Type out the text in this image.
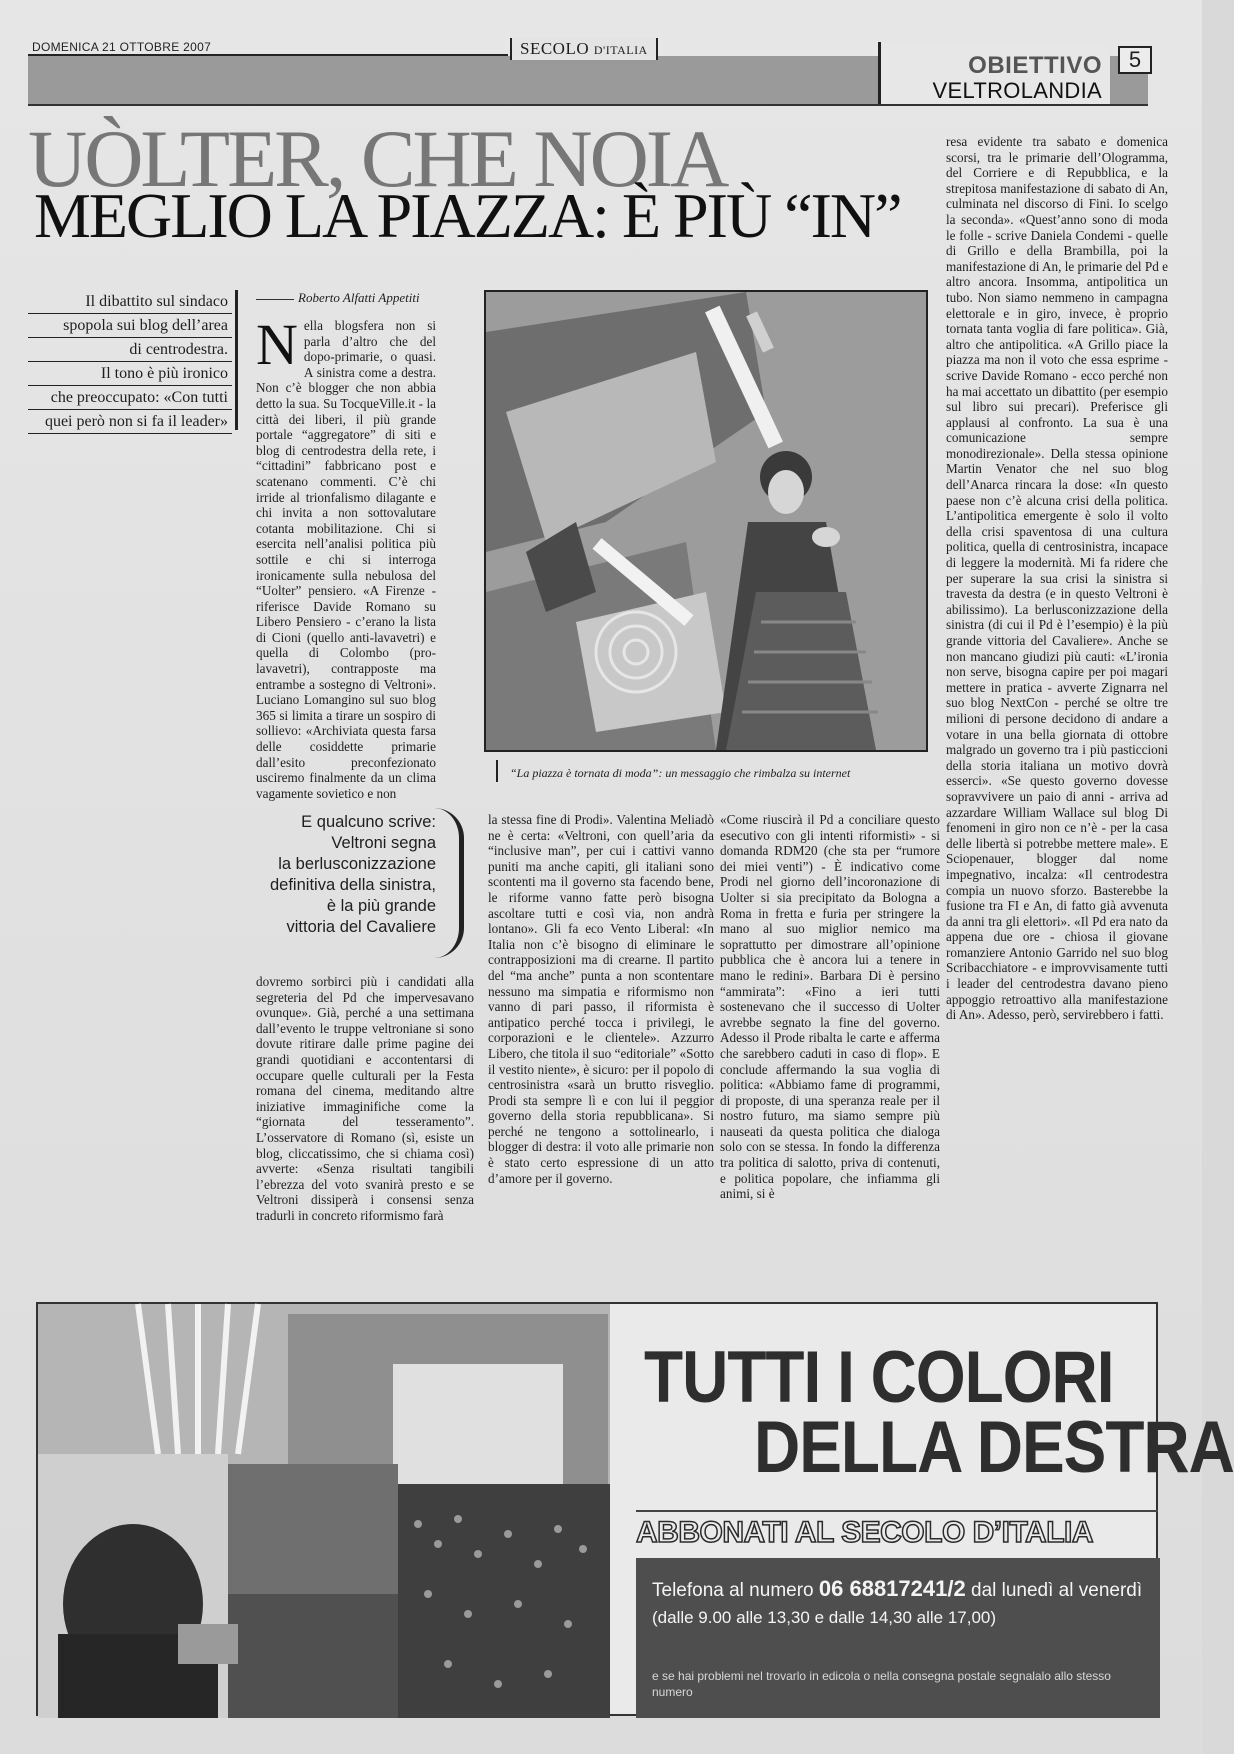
DOMENICA 21 OTTOBRE 2007	SECOLO D'ITALIA
OBIETTIVO
VELTROLANDIA
5
UÒLTER, CHE NOIA
MEGLIO LA PIAZZA: È PIÙ “IN”
Il dibattito sul sindaco
spopola sui blog dell’area
di centrodestra.
Il tono è più ironico
che preoccupato: «Con tutti
quei però non si fa il leader»
Roberto Alfatti Appetiti
N ella blogsfera non si parla d’altro che del dopo-primarie, o quasi. A sinistra come a destra. Non c’è blogger che non abbia detto la sua. Su TocqueVille.it - la città dei liberi, il più grande portale “aggregatore” di siti e blog di centrodestra della rete, i “cittadini” fabbricano post e scatenano commenti. C’è chi irride al trionfalismo dilagante e chi invita a non sottovalutare cotanta mobilitazione. Chi si esercita nell’analisi politica più sottile e chi si interroga ironicamente sulla nebulosa del “Uolter” pensiero. «A Firenze - riferisce Davide Romano su Libero Pensiero - c’erano la lista di Cioni (quello anti-lavavetri) e quella di Colombo (pro-lavavetri), contrapposte ma entrambe a sostegno di Veltroni». Luciano Lomangino sul suo blog 365 si limita a tirare un sospiro di sollievo: «Archiviata questa farsa delle cosiddette primarie dall’esito preconfezionato usciremo finalmente da un clima vagamente sovietico e non
“La piazza è tornata di moda”: un messaggio che rimbalza su internet
E qualcuno scrive:
Veltroni segna
la berlusconizzazione
definitiva della sinistra,
è la più grande
vittoria del Cavaliere
dovremo sorbirci più i candidati alla segreteria del Pd che impervesavano ovunque». Già, perché a una settimana dall’evento le truppe veltroniane si sono dovute ritirare dalle prime pagine dei grandi quotidiani e accontentarsi di occupare quelle culturali per la Festa romana del cinema, meditando altre iniziative immaginifiche come la “giornata del tesseramento”. L’osservatore di Romano (sì, esiste un blog, cliccatissimo, che si chiama così) avverte: «Senza risultati tangibili l’ebrezza del voto svanirà presto e se Veltroni dissiperà i consensi senza tradurli in concreto riformismo farà
la stessa fine di Prodi». Valentina Meliadò ne è certa: «Veltroni, con quell’aria da “inclusive man”, per cui i cattivi vanno puniti ma anche capiti, gli italiani sono scontenti ma il governo sta facendo bene, le riforme vanno fatte però bisogna ascoltare tutti e così via, non andrà lontano». Gli fa eco Vento Liberal: «In Italia non c’è bisogno di eliminare le contrapposizioni ma di crearne. Il partito del “ma anche” punta a non scontentare nessuno ma simpatia e riformismo non vanno di pari passo, il riformista è antipatico perché tocca i privilegi, le corporazioni e le clientele». Azzurro Libero, che titola il suo “editoriale” «Sotto il vestito niente», è sicuro: per il popolo di centrosinistra «sarà un brutto risveglio. Prodi sta sempre lì e con lui il peggior governo della storia repubblicana». Si perché ne tengono a sottolinearlo, i blogger di destra: il voto alle primarie non è stato certo espressione di un atto d’amore per il governo.
«Come riuscirà il Pd a conciliare questo esecutivo con gli intenti riformisti» - si domanda RDM20 (che sta per “rumore dei miei venti”) - È indicativo come Prodi nel giorno dell’incoronazione di Uolter si sia precipitato da Bologna a Roma in fretta e furia per stringere la mano al suo miglior nemico ma soprattutto per dimostrare all’opinione pubblica che è ancora lui a tenere in mano le redini». Barbara Di è persino “ammirata”: «Fino a ieri tutti sostenevano che il successo di Uolter avrebbe segnato la fine del governo. Adesso il Prode ribalta le carte e afferma che sarebbero caduti in caso di flop». E conclude affermando la sua voglia di politica: «Abbiamo fame di programmi, di proposte, di una speranza reale per il nostro futuro, ma siamo sempre più nauseati da questa politica che dialoga solo con se stessa. In fondo la differenza tra politica di salotto, priva di contenuti, e politica popolare, che infiamma gli animi, si è
resa evidente tra sabato e domenica scorsi, tra le primarie dell’Ologramma, del Corriere e di Repubblica, e la strepitosa manifestazione di sabato di An, culminata nel discorso di Fini. Io scelgo la seconda». «Quest’anno sono di moda le folle - scrive Daniela Condemi - quelle di Grillo e della Brambilla, poi la manifestazione di An, le primarie del Pd e altro ancora. Insomma, antipolitica un tubo. Non siamo nemmeno in campagna elettorale e in giro, invece, è proprio tornata tanta voglia di fare politica». Già, altro che antipolitica. «A Grillo piace la piazza ma non il voto che essa esprime - scrive Davide Romano - ecco perché non ha mai accettato un dibattito (per esempio sul libro sui precari). Preferisce gli applausi al confronto. La sua è una comunicazione sempre monodirezionale». Della stessa opinione Martin Venator che nel suo blog dell’Anarca rincara la dose: «In questo paese non c’è alcuna crisi della politica. L’antipolitica emergente è solo il volto della crisi spaventosa di una cultura politica, quella di centrosinistra, incapace di leggere la modernità. Mi fa ridere che per superare la sua crisi la sinistra si travesta da destra (e in questo Veltroni è abilissimo). La berlusconizzazione della sinistra (di cui il Pd è l’esempio) è la più grande vittoria del Cavaliere». Anche se non mancano giudizi più cauti: «L’ironia non serve, bisogna capire per poi magari mettere in pratica - avverte Zignarra nel suo blog NextCon - perché se oltre tre milioni di persone decidono di andare a votare in una bella giornata di ottobre malgrado un governo tra i più pasticcioni della storia italiana un motivo dovrà esserci». «Se questo governo dovesse sopravvivere un paio di anni - arriva ad azzardare William Wallace sul blog Di fenomeni in giro non ce n’è - per la casa delle libertà si potrebbe mettere male». E Sciopenauer, blogger dal nome impegnativo, incalza: «Il centrodestra compia un nuovo sforzo. Basterebbe la fusione tra FI e An, di fatto già avvenuta da anni tra gli elettori». «Il Pd era nato da appena due ore - chiosa il giovane romanziere Antonio Garrido nel suo blog Scribacchiatore - e improvvisamente tutti i leader del centrodestra davano pieno appoggio retroattivo alla manifestazione di An». Adesso, però, servirebbero i fatti.
TUTTI I COLORI
DELLA DESTRA
ABBONATI AL SECOLO D’ITALIA
Telefona al numero 06 68817241/2 dal lunedì al venerdì
(dalle 9.00 alle 13,30 e dalle 14,30 alle 17,00)
e se hai problemi nel trovarlo in edicola o nella consegna postale segnalalo allo stesso numero
